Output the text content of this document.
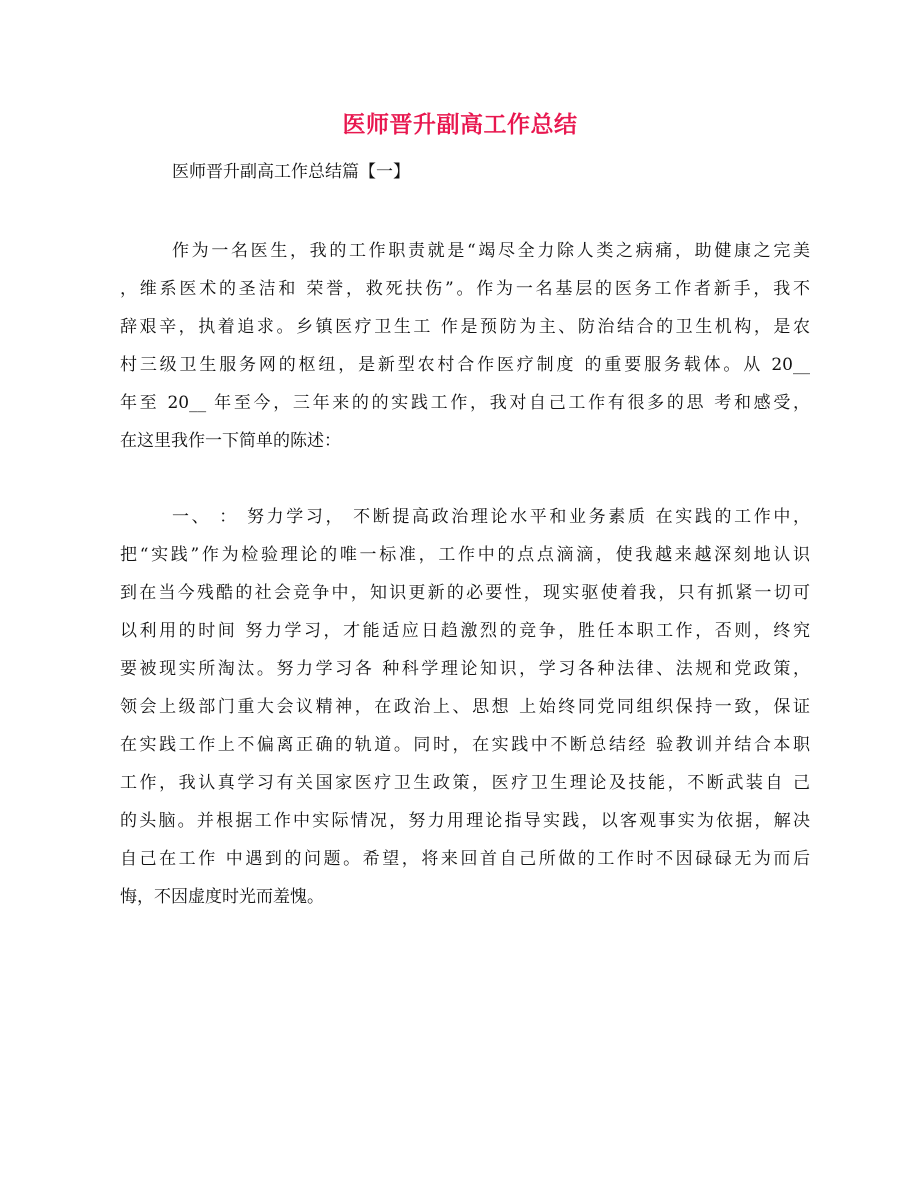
医师晋升副高工作总结
医师晋升副高工作总结篇【一】
作为一名医生，我的工作职责就是“竭尽全力除人类之病痛，助健康之完美
，维系医术的圣洁和 荣誉，救死扶伤”。作为一名基层的医务工作者新手，我不
辞艰辛，执着追求。乡镇医疗卫生工 作是预防为主、防治结合的卫生机构，是农
村三级卫生服务网的枢纽，是新型农村合作医疗制度 的重要服务载体。从 20__
年至 20__ 年至今，三年来的的实践工作，我对自己工作有很多的思 考和感受，
在这里我作一下简单的陈述：
一、 ： 努力学习， 不断提高政治理论水平和业务素质 在实践的工作中，
把“实践”作为检验理论的唯一标准，工作中的点点滴滴，使我越来越深刻地认识
到在当今残酷的社会竞争中，知识更新的必要性，现实驱使着我，只有抓紧一切可
以利用的时间 努力学习，才能适应日趋激烈的竞争，胜任本职工作，否则，终究
要被现实所淘汰。努力学习各 种科学理论知识，学习各种法律、法规和党政策，
领会上级部门重大会议精神，在政治上、思想 上始终同党同组织保持一致，保证
在实践工作上不偏离正确的轨道。同时，在实践中不断总结经 验教训并结合本职
工作，我认真学习有关国家医疗卫生政策，医疗卫生理论及技能，不断武装自 己
的头脑。并根据工作中实际情况，努力用理论指导实践，以客观事实为依据，解决
自己在工作 中遇到的问题。希望，将来回首自己所做的工作时不因碌碌无为而后
悔，不因虚度时光而羞愧。
